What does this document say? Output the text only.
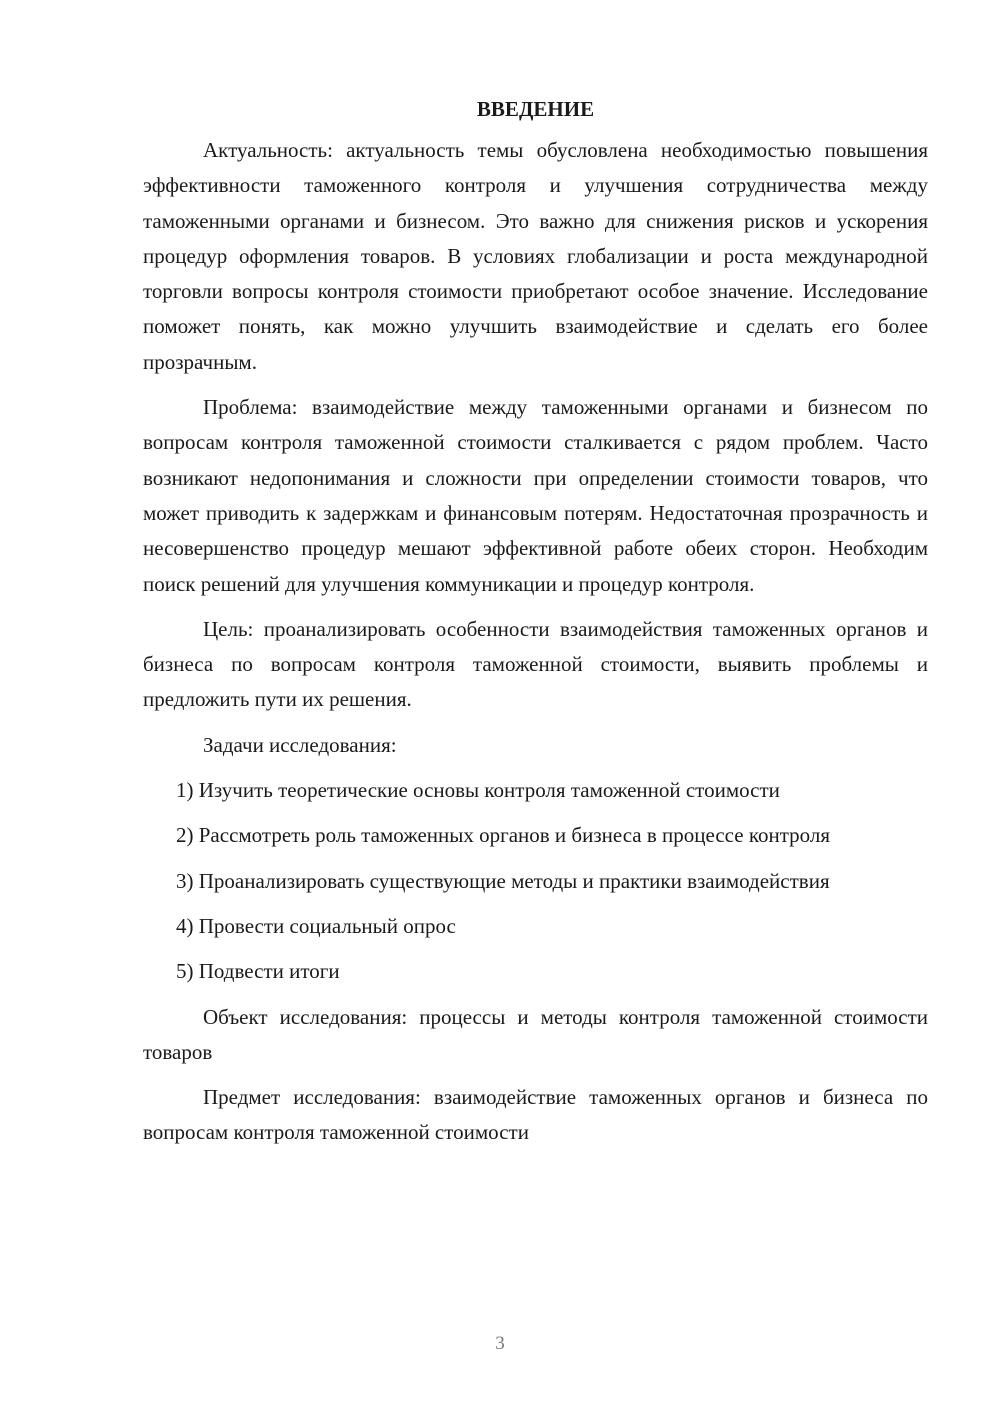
ВВЕДЕНИЕ

Актуальность: актуальность темы обусловлена необходимостью повышения эффективности таможенного контроля и улучшения сотрудничества между таможенными органами и бизнесом. Это важно для снижения рисков и ускорения процедур оформления товаров. В условиях глобализации и роста международной торговли вопросы контроля стоимости приобретают особое значение. Исследование поможет понять, как можно улучшить взаимодействие и сделать его более прозрачным.

Проблема: взаимодействие между таможенными органами и бизнесом по вопросам контроля таможенной стоимости сталкивается с рядом проблем. Часто возникают недопонимания и сложности при определении стоимости товаров, что может приводить к задержкам и финансовым потерям. Недостаточная прозрачность и несовершенство процедур мешают эффективной работе обеих сторон. Необходим поиск решений для улучшения коммуникации и процедур контроля.

Цель: проанализировать особенности взаимодействия таможенных органов и бизнеса по вопросам контроля таможенной стоимости, выявить проблемы и предложить пути их решения.

Задачи исследования:

1) Изучить теоретические основы контроля таможенной стоимости

2) Рассмотреть роль таможенных органов и бизнеса в процессе контроля

3) Проанализировать существующие методы и практики взаимодействия

4) Провести социальный опрос

5) Подвести итоги

Объект исследования: процессы и методы контроля таможенной стоимости товаров

Предмет исследования: взаимодействие таможенных органов и бизнеса по вопросам контроля таможенной стоимости

3
